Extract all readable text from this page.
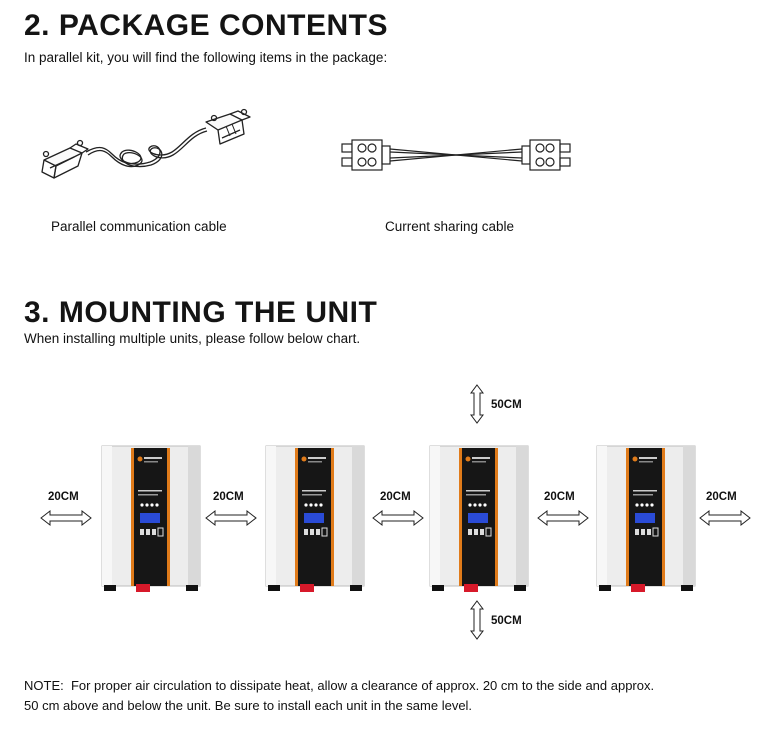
2. PACKAGE CONTENTS
In parallel kit, you will find the following items in the package:
Parallel communication cable	Current sharing cable
3. MOUNTING THE UNIT
When installing multiple units, please follow below chart.
50CM
50CM
20CM	20CM	20CM	20CM	20CM
NOTE:  For proper air circulation to dissipate heat, allow a clearance of approx. 20 cm to the side and approx.
50 cm above and below the unit. Be sure to install each unit in the same level.
